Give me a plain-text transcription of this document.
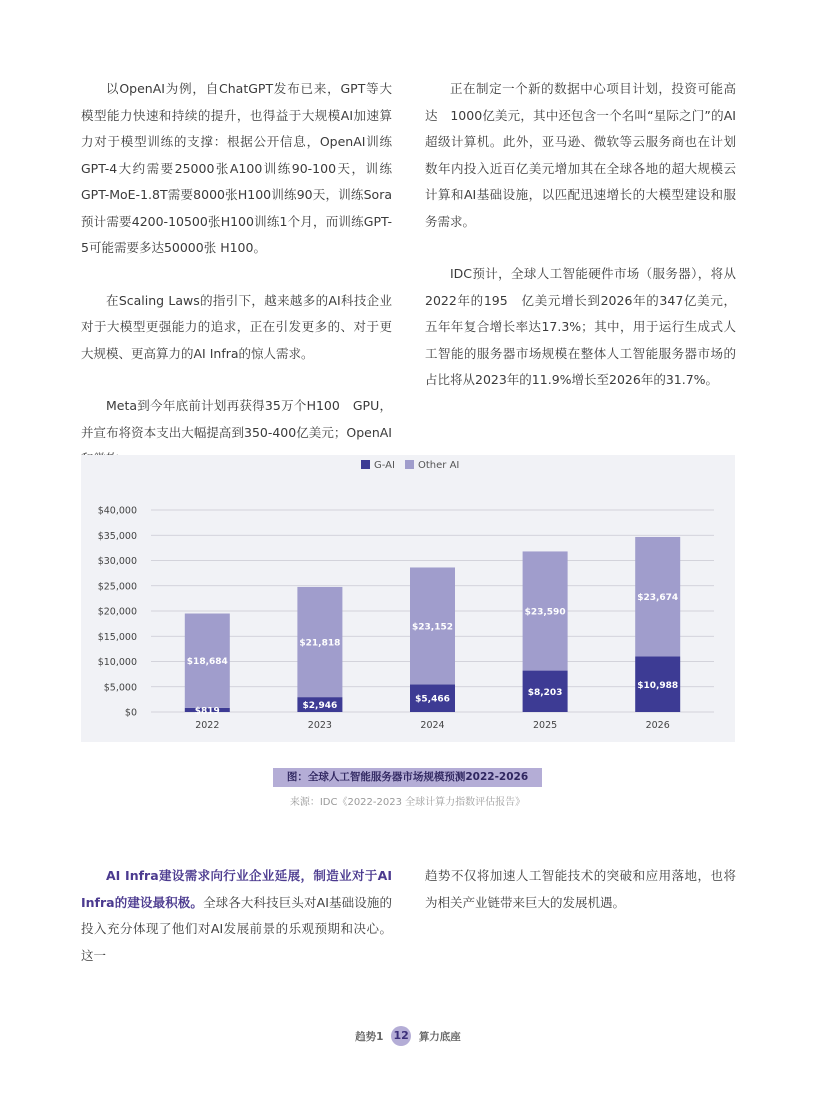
以OpenAI为例，自ChatGPT发布已来，GPT等大模型能力快速和持续的提升，也得益于大规模AI加速算力对于模型训练的支撑：根据公开信息，OpenAI训练GPT-4大约需要25000张A100训练90-100天，训练GPT-MoE-1.8T需要8000张H100训练90天，训练Sora预计需要4200-10500张H100训练1个月，而训练GPT-5可能需要多达50000张 H100。

在Scaling Laws的指引下，越来越多的AI科技企业对于大模型更强能力的追求，正在引发更多的、对于更大规模、更高算力的AI Infra的惊人需求。

Meta到今年底前计划再获得35万个H100　GPU，并宣布将资本支出大幅提高到350-400亿美元；OpenAI

正在制定一个新的数据中心项目计划，投资可能高达　1000亿美元，其中还包含一个名叫“星际之门”的AI超级计算机。此外，亚马逊、微软等云服务商也在计划数年内投入近百亿美元增加其在全球各地的超大规模云计算和AI基础设施，以匹配迅速增长的大模型建设和服务需求。

IDC预计，全球人工智能硬件市场（服务器），将从2022年的195　亿美元增长到2026年的347亿美元，五年年复合增长率达17.3%；其中，用于运行生成式人工智能的服务器市场规模在整体人工智能服务器市场的占比将从2023年的11.9%增长至2026年的31.7%。

$0
$5,000
$10,000
$15,000
$20,000
$25,000
$30,000
$35,000
$40,000
$819
$18,684
2022
$2,946
$21,818
2023
$5,466
$23,152
2024
$8,203
$23,590
2025
$10,988
$23,674
2026
G-AI Other AI
图：全球人工智能服务器市场规模预测2022-2026
来源：IDC《2022-2023 全球计算力指数评估报告》

AI Infra建设需求向行业企业延展，制造业对于AI Infra的建设最积极。全球各大科技巨头对AI基础设施的投入充分体现了他们对AI发展前景的乐观预期和决心。这一

趋势不仅将加速人工智能技术的突破和应用落地，也将为相关产业链带来巨大的发展机遇。

趋势1 12 算力底座
